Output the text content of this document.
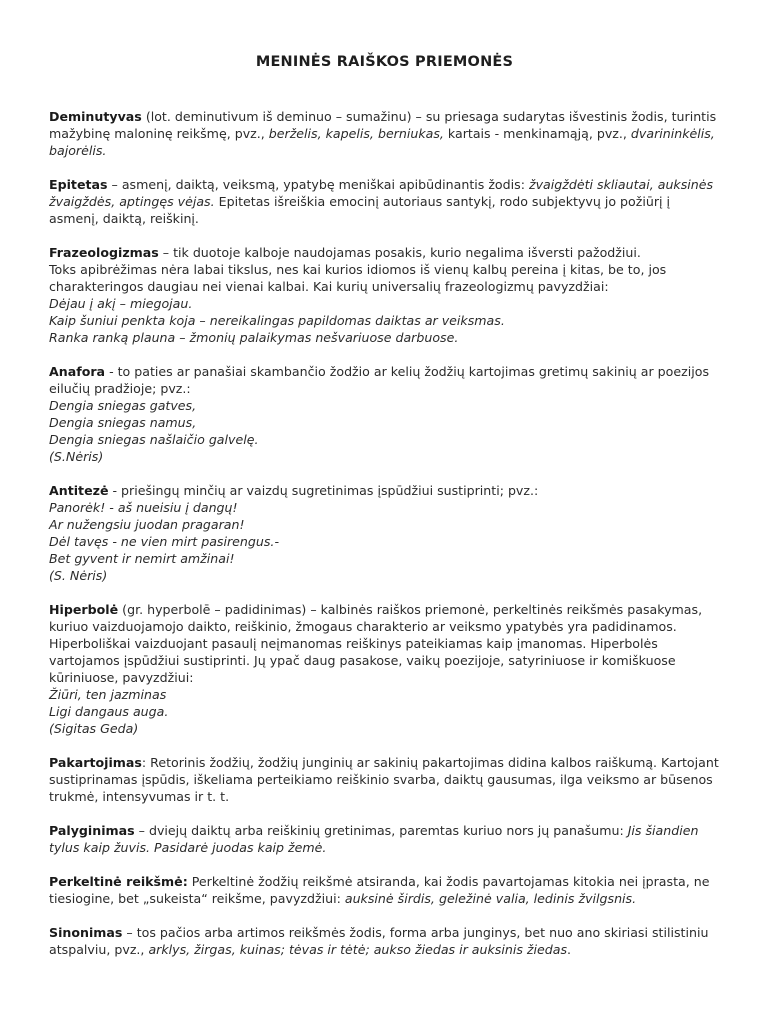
MENINĖS RAIŠKOS PRIEMONĖS
Deminutyvas (lot. deminutivum iš deminuo – sumažinu) – su priesaga sudarytas išvestinis žodis, turintis mažybinę maloninę reikšmę, pvz., berželis, kapelis, berniukas, kartais - menkinamąją, pvz., dvarininkėlis, bajorėlis.
Epitetas – asmenį, daiktą, veiksmą, ypatybę meniškai apibūdinantis žodis: žvaigždėti skliautai, auksinės žvaigždės, aptingęs vėjas. Epitetas išreiškia emocinį autoriaus santykį, rodo subjektyvų jo požiūrį į asmenį, daiktą, reiškinį.
Frazeologizmas – tik duotoje kalboje naudojamas posakis, kurio negalima išversti pažodžiui.
Toks apibrėžimas nėra labai tikslus, nes kai kurios idiomos iš vienų kalbų pereina į kitas, be to, jos charakteringos daugiau nei vienai kalbai. Kai kurių universalių frazeologizmų pavyzdžiai:
Dėjau į akį – miegojau.
Kaip šuniui penkta koja – nereikalingas papildomas daiktas ar veiksmas.
Ranka ranką plauna – žmonių palaikymas nešvariuose darbuose.
Anafora - to paties ar panašiai skambančio žodžio ar kelių žodžių kartojimas gretimų sakinių ar poezijos eilučių pradžioje; pvz.:
Dengia sniegas gatves,
Dengia sniegas namus,
Dengia sniegas našlaičio galvelę.
(S.Nėris)
Antitezė - priešingų minčių ar vaizdų sugretinimas įspūdžiui sustiprinti; pvz.:
Panorėk! - aš nueisiu į dangų!
Ar nužengsiu juodan pragaran!
Dėl tavęs - ne vien mirt pasirengus.-
Bet gyvent ir nemirt amžinai!
(S. Nėris)
Hiperbolė (gr. hyperbolē – padidinimas) – kalbinės raiškos priemonė, perkeltinės reikšmės pasakymas, kuriuo vaizduojamojo daikto, reiškinio, žmogaus charakterio ar veiksmo ypatybės yra padidinamos. Hiperboliškai vaizduojant pasaulį neįmanomas reiškinys pateikiamas kaip įmanomas. Hiperbolės vartojamos įspūdžiui sustiprinti. Jų ypač daug pasakose, vaikų poezijoje, satyriniuose ir komiškuose kūriniuose, pavyzdžiui:
Žiūri, ten jazminas
Ligi dangaus auga.
(Sigitas Geda)
Pakartojimas: Retorinis žodžių, žodžių junginių ar sakinių pakartojimas didina kalbos raiškumą. Kartojant sustiprinamas įspūdis, iškeliama perteikiamo reiškinio svarba, daiktų gausumas, ilga veiksmo ar būsenos trukmė, intensyvumas ir t. t.
Palyginimas – dviejų daiktų arba reiškinių gretinimas, paremtas kuriuo nors jų panašumu: Jis šiandien tylus kaip žuvis. Pasidarė juodas kaip žemė.
Perkeltinė reikšmė: Perkeltinė žodžių reikšmė atsiranda, kai žodis pavartojamas kitokia nei įprasta, ne tiesiogine, bet „sukeista“ reikšme, pavyzdžiui: auksinė širdis, geležinė valia, ledinis žvilgsnis.
Sinonimas – tos pačios arba artimos reikšmės žodis, forma arba junginys, bet nuo ano skiriasi stilistiniu atspalviu, pvz., arklys, žirgas, kuinas; tėvas ir tėtė; aukso žiedas ir auksinis žiedas.
